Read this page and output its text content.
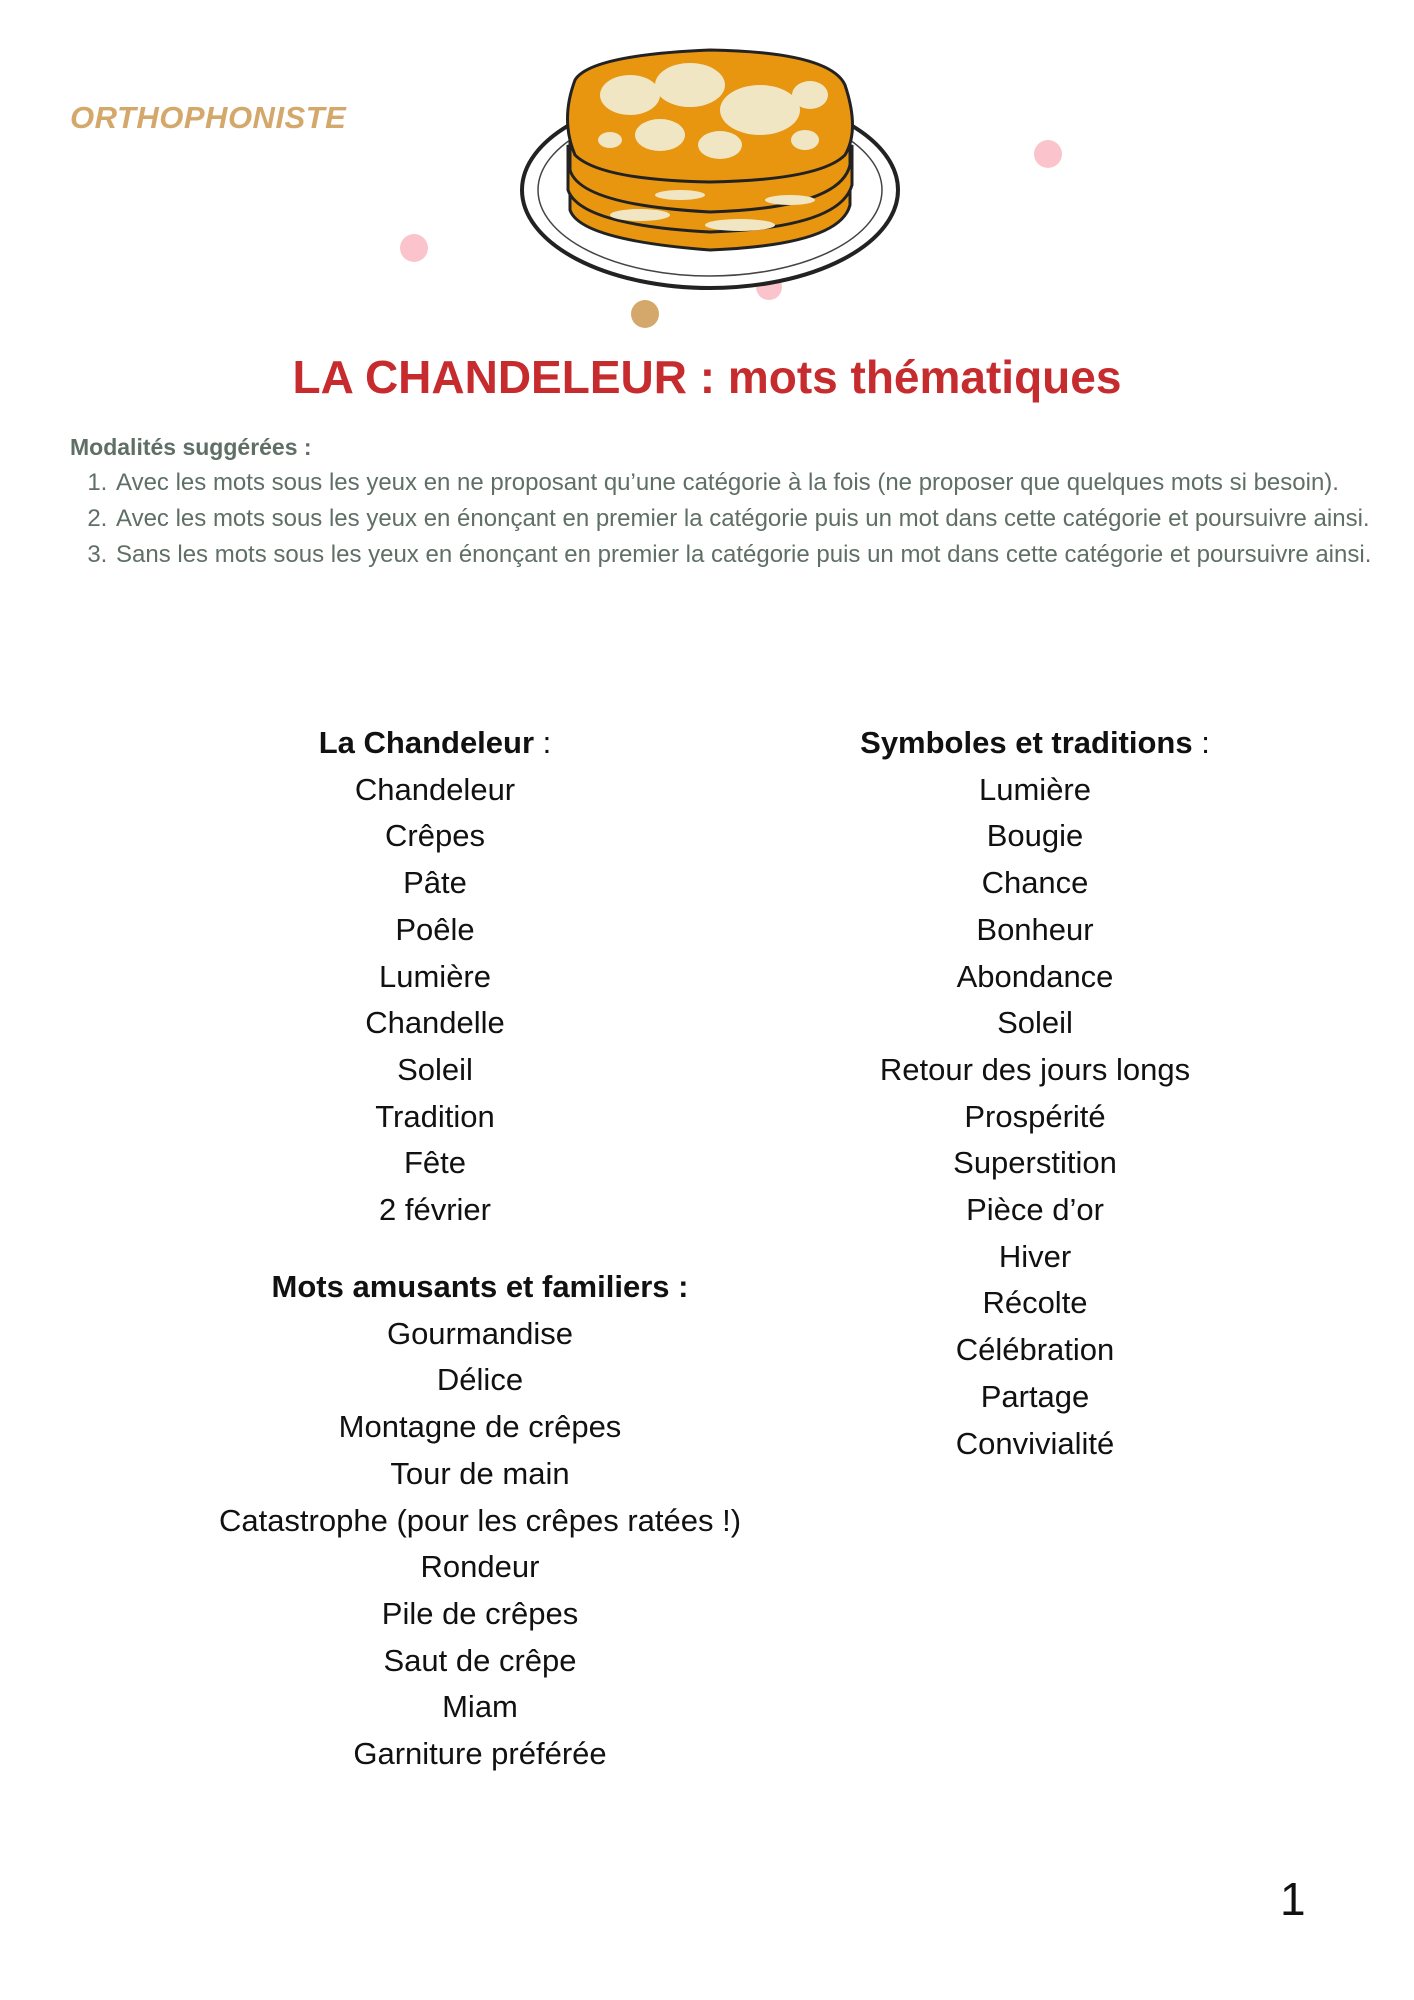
ORTHOPHONISTE
LA CHANDELEUR : mots thématiques
Modalités suggérées :
1. Avec les mots sous les yeux en ne proposant qu’une catégorie à la fois (ne proposer que quelques mots si besoin).
2. Avec les mots sous les yeux en énonçant en premier la catégorie puis un mot dans cette catégorie et poursuivre ainsi.
3. Sans les mots sous les yeux en énonçant en premier la catégorie puis un mot dans cette catégorie et poursuivre ainsi.
La Chandeleur :
Chandeleur
Crêpes
Pâte
Poêle
Lumière
Chandelle
Soleil
Tradition
Fête
2 février
Symboles et traditions :
Lumière
Bougie
Chance
Bonheur
Abondance
Soleil
Retour des jours longs
Prospérité
Superstition
Pièce d’or
Hiver
Récolte
Célébration
Partage
Convivialité
Mots amusants et familiers :
Gourmandise
Délice
Montagne de crêpes
Tour de main
Catastrophe (pour les crêpes ratées !)
Rondeur
Pile de crêpes
Saut de crêpe
Miam
Garniture préférée
1
